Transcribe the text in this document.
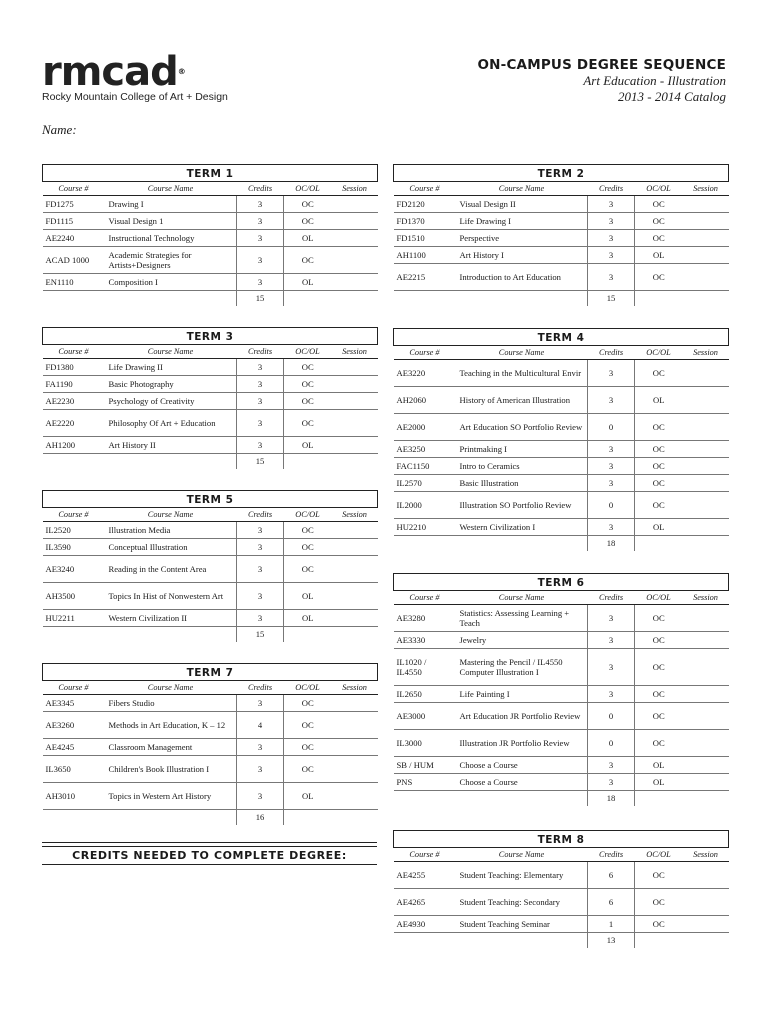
rmcad®
Rocky Mountain College of Art + Design
ON-CAMPUS DEGREE SEQUENCE
Art Education - Illustration
2013 - 2014 Catalog
Name:
TERM 1				
Course #	Course Name	Credits	OC/OL	Session
FD1275	Drawing I	3	OC	
FD1115	Visual Design 1	3	OC	
AE2240	Instructional Technology	3	OL	
ACAD 1000	Academic Strategies for Artists+Designers	3	OC	
EN1110	Composition I	3	OL	
		15		
TERM 2				
Course #	Course Name	Credits	OC/OL	Session
FD2120	Visual Design II	3	OC	
FD1370	Life Drawing I	3	OC	
FD1510	Perspective	3	OC	
AH1100	Art History I	3	OL	
AE2215	Introduction to Art Education	3	OC	
		15		
TERM 3				
Course #	Course Name	Credits	OC/OL	Session
FD1380	Life Drawing II	3	OC	
FA1190	Basic Photography	3	OC	
AE2230	Psychology of Creativity	3	OC	
AE2220	Philosophy Of Art + Education	3	OC	
AH1200	Art History II	3	OL	
		15		
TERM 4				
Course #	Course Name	Credits	OC/OL	Session
AE3220	Teaching in the Multicultural Envir	3	OC	
AH2060	History of American Illustration	3	OL	
AE2000	Art Education SO Portfolio Review	0	OC	
AE3250	Printmaking I	3	OC	
FAC1150	Intro to Ceramics	3	OC	
IL2570	Basic Illustration	3	OC	
IL2000	Illustration SO Portfolio Review	0	OC	
HU2210	Western Civilization I	3	OL	
		18		
TERM 5				
Course #	Course Name	Credits	OC/OL	Session
IL2520	Illustration Media	3	OC	
IL3590	Conceptual Illustration	3	OC	
AE3240	Reading in the Content Area	3	OC	
AH3500	Topics In Hist of Nonwestern Art	3	OL	
HU2211	Western Civilization II	3	OL	
		15		
TERM 6				
Course #	Course Name	Credits	OC/OL	Session
AE3280	Statistics: Assessing Learning + Teach	3	OC	
AE3330	Jewelry	3	OC	
IL1020 / IL4550	Mastering the Pencil / IL4550 Computer Illustration I	3	OC	
IL2650	Life Painting I	3	OC	
AE3000	Art Education JR Portfolio Review	0	OC	
IL3000	Illustration JR Portfolio Review	0	OC	
SB / HUM	Choose a Course	3	OL	
PNS	Choose a Course	3	OL	
		18		
TERM 7				
Course #	Course Name	Credits	OC/OL	Session
AE3345	Fibers Studio	3	OC	
AE3260	Methods in Art Education, K – 12	4	OC	
AE4245	Classroom Management	3	OC	
IL3650	Children's Book Illustration I	3	OC	
AH3010	Topics in Western Art History	3	OL	
		16		
TERM 8				
Course #	Course Name	Credits	OC/OL	Session
AE4255	Student Teaching: Elementary	6	OC	
AE4265	Student Teaching: Secondary	6	OC	
AE4930	Student Teaching Seminar	1	OC	
		13		
CREDITS NEEDED TO COMPLETE DEGREE:
